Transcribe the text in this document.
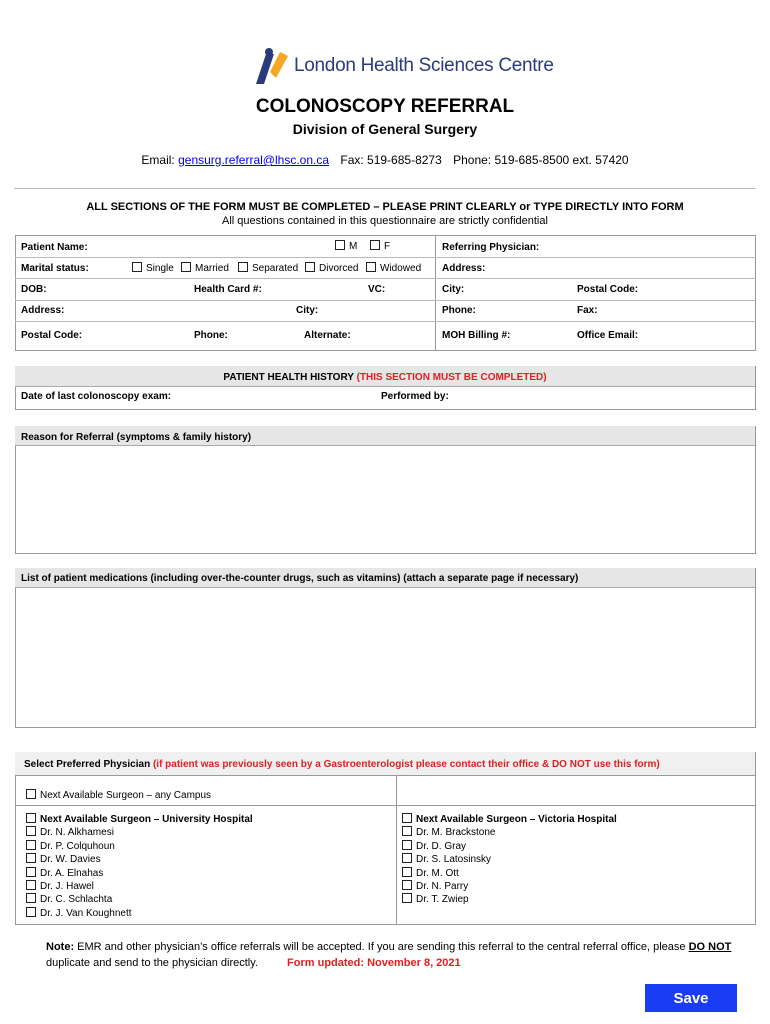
London Health Sciences Centre
COLONOSCOPY REFERRAL
Division of General Surgery
Email: gensurg.referral@lhsc.on.ca Fax: 519-685-8273 Phone: 519-685-8500 ext. 57420
ALL SECTIONS OF THE FORM MUST BE COMPLETED – PLEASE PRINT CLEARLY or TYPE DIRECTLY INTO FORM
All questions contained in this questionnaire are strictly confidential
Patient Name:	M	F	Referring Physician:
Marital status:	Single	Married	Separated	Divorced	Widowed Address:
DOB:	Health Card #:	VC:	City:	Postal Code:
Address:	City:	Phone:	Fax:
Postal Code:	Phone:	Alternate:	MOH Billing #:	Office Email:
PATIENT HEALTH HISTORY (THIS SECTION MUST BE COMPLETED)
Date of last colonoscopy exam:	Performed by:
Reason for Referral (symptoms & family history)
List of patient medications (including over-the-counter drugs, such as vitamins) (attach a separate page if necessary)
Select Preferred Physician (if patient was previously seen by a Gastroenterologist please contact their office & DO NOT use this form)
Next Available Surgeon – any Campus
Next Available Surgeon – University Hospital
Dr. N. Alkhamesi
Dr. P. Colquhoun
Dr. W. Davies
Dr. A. Elnahas
Dr. J. Hawel
Dr. C. Schlachta
Dr. J. Van Koughnett
Next Available Surgeon – Victoria Hospital
Dr. M. Brackstone
Dr. D. Gray
Dr. S. Latosinsky
Dr. M. Ott
Dr. N. Parry
Dr. T. Zwiep
Note: EMR and other physician’s office referrals will be accepted. If you are sending this referral to the central referral office, please DO NOT duplicate and send to the physician directly.	Form updated: November 8, 2021
Save
